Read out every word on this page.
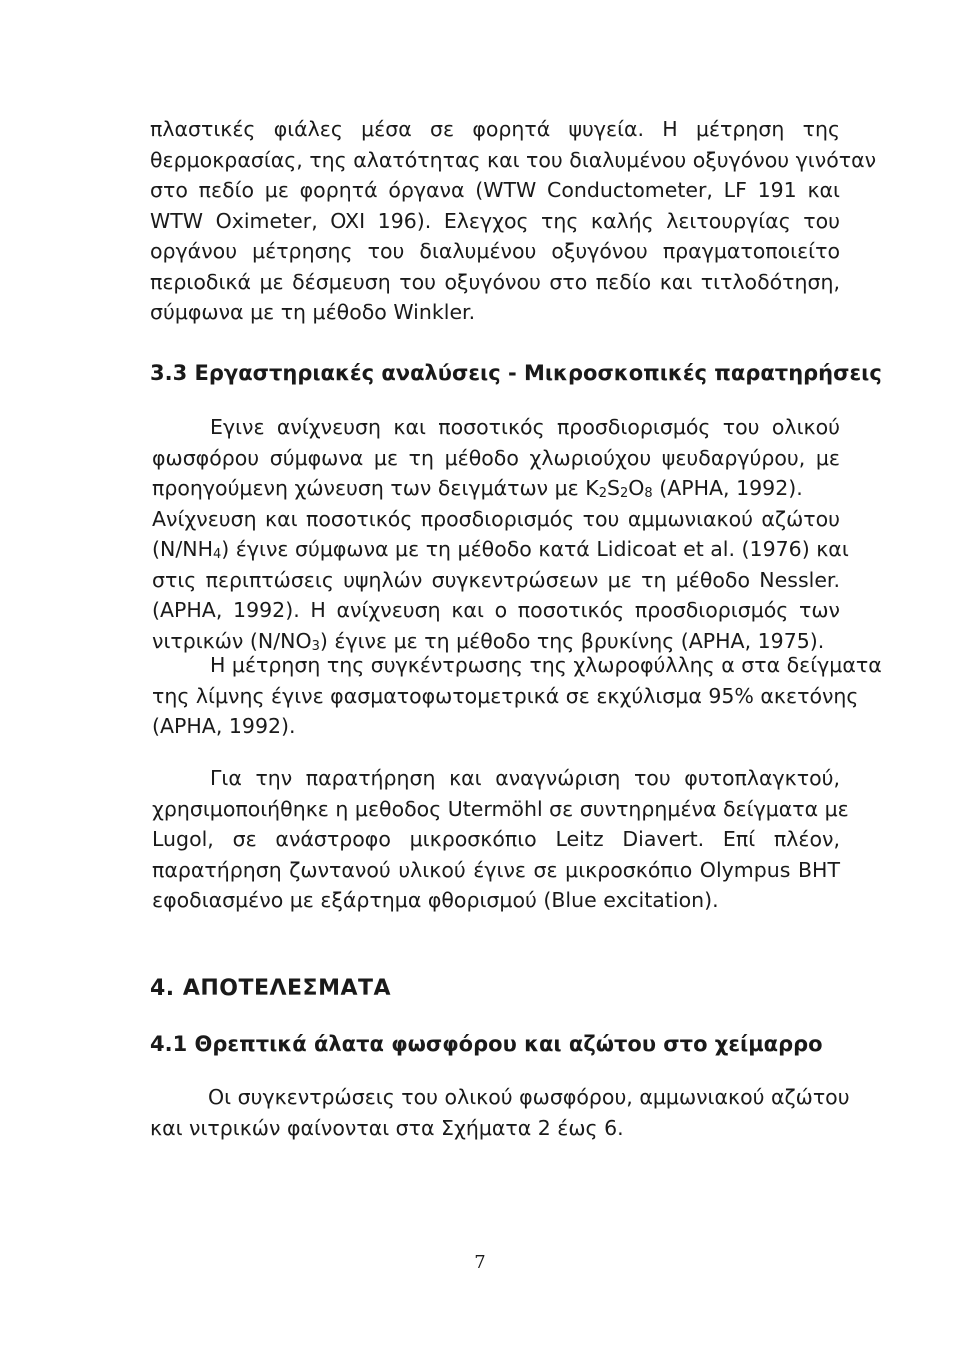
πλαστικές φιάλες μέσα σε φορητά ψυγεία. Η μέτρηση της
θερμοκρασίας, της αλατότητας και του διαλυμένου οξυγόνου γινόταν
στο πεδίο με φορητά όργανα (WTW Conductometer, LF 191 και
WTW Oximeter, OXI 196). Ελεγχος της καλής λειτουργίας του
οργάνου μέτρησης του διαλυμένου οξυγόνου πραγματοποιείτο
περιοδικά με δέσμευση του οξυγόνου στο πεδίο και τιτλοδότηση,
σύμφωνα με τη μέθοδο Winkler.
3.3 Εργαστηριακές αναλύσεις - Μικροσκοπικές παρατηρήσεις
Εγινε ανίχνευση και ποσοτικός προσδιορισμός του ολικού
φωσφόρου σύμφωνα με τη μέθοδο χλωριούχου ψευδαργύρου, με
προηγούμενη χώνευση των δειγμάτων με $K_2S_2O_8$ (APHA, 1992).
Ανίχνευση και ποσοτικός προσδιορισμός του αμμωνιακού αζώτου
$(N/NH_4)$ έγινε σύμφωνα με τη μέθοδο κατά Lidicoat et al. (1976) και
στις περιπτώσεις υψηλών συγκεντρώσεων με τη μέθοδο Nessler.
(APHA, 1992). Η ανίχνευση και ο ποσοτικός προσδιορισμός των
νιτρικών $(N/NO_3)$ έγινε με τη μέθοδο της βρυκίνης (APHA, 1975).
Η μέτρηση της συγκέντρωσης της χλωροφύλλης α στα δείγματα
της λίμνης έγινε φασματοφωτομετρικά σε εκχύλισμα 95% ακετόνης
(APHA, 1992).
Για την παρατήρηση και αναγνώριση του φυτοπλαγκτού,
χρησιμοποιήθηκε η μεθοδος Utermöhl σε συντηρημένα δείγματα με
Lugol, σε ανάστροφο μικροσκόπιο Leitz Diavert. Επί πλέον,
παρατήρηση ζωντανού υλικού έγινε σε μικροσκόπιο Olympus BHT
εφοδιασμένο με εξάρτημα φθορισμού (Blue excitation).
4. ΑΠΟΤΕΛΕΣΜΑΤΑ
4.1 Θρεπτικά άλατα φωσφόρου και αζώτου στο χείμαρρο
Οι συγκεντρώσεις του ολικού φωσφόρου, αμμωνιακού αζώτου
και νιτρικών φαίνονται στα Σχήματα 2 έως 6.
7
